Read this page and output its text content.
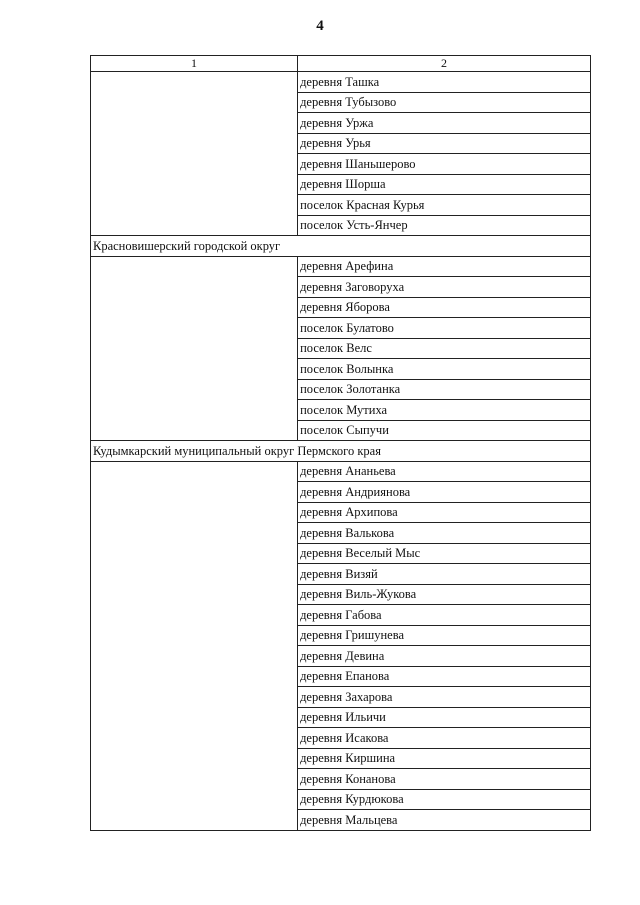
4
1	2
	деревня Ташка
	деревня Тубызово
	деревня Уржа
	деревня Урья
	деревня Шаньшерово
	деревня Шорша
	поселок Красная Курья
	поселок Усть-Янчер
Красновишерский городской округ	
	деревня Арефина
	деревня Заговоруха
	деревня Яборова
	поселок Булатово
	поселок Велс
	поселок Волынка
	поселок Золотанка
	поселок Мутиха
	поселок Сыпучи
Кудымкарский муниципальный округ Пермского края	
	деревня Ананьева
	деревня Андриянова
	деревня Архипова
	деревня Валькова
	деревня Веселый Мыс
	деревня Визяй
	деревня Виль-Жукова
	деревня Габова
	деревня Гришунева
	деревня Девина
	деревня Епанова
	деревня Захарова
	деревня Ильичи
	деревня Исакова
	деревня Киршина
	деревня Конанова
	деревня Курдюкова
	деревня Мальцева
